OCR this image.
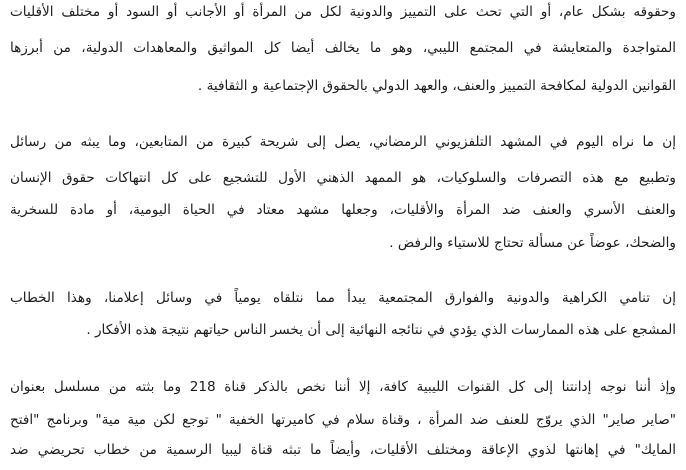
وحقوقه بشكل عام، أو التي تحث على التمييز والدونية لكل من المرأة أو الأجانب أو السود أو مختلف الأقليات
المتواجدة والمتعايشة في المجتمع الليبي، وهو ما يخالف أيضا كل المواثيق والمعاهدات الدولية، من أبرزها
القوانين الدولية لمكافحة التمييز والعنف، والعهد الدولي بالحقوق الإجتماعية و الثقافية .
إن ما نراه اليوم في المشهد التلفزيوني الرمضاني، يصل إلى شريحة كبيرة من المتابعين، وما يبثه من رسائل
وتطبيع مع هذه التصرفات والسلوكيات، هو الممهد الذهني الأول للتشجيع على كل انتهاكات حقوق الإنسان
والعنف الأسري والعنف ضد المرأة والأقليات، وجعلها مشهد معتاد في الحياة اليومية، أو مادة للسخرية
والضحك، عوضاً عن مسألة تحتاج للاستياء والرفض .
إن تنامي الكراهية والدونية والفوارق المجتمعية يبدأ مما نتلقاه يومياً في وسائل إعلامنا، وهذا الخطاب
المشجع على هذه الممارسات الذي يؤدي في نتائجه النهائية إلى أن يخسر الناس حياتهم نتيجة هذه الأفكار .
وإذ أننا نوجه إدانتنا إلى كل القنوات الليبية كافة، إلا أننا نخص بالذكر قناة 218 وما بثته من مسلسل بعنوان
"صاير صاير" الذي يروّج للعنف ضد المرأة ، وقناة سلام في كاميرتها الخفية " توجع لكن مية مية" وبرنامج "افتح
المايك" في إهانتها لذوي الإعاقة ومختلف الأقليات، وأيضاً ما تبثه قناة ليبيا الرسمية من خطاب تحريضي ضد
